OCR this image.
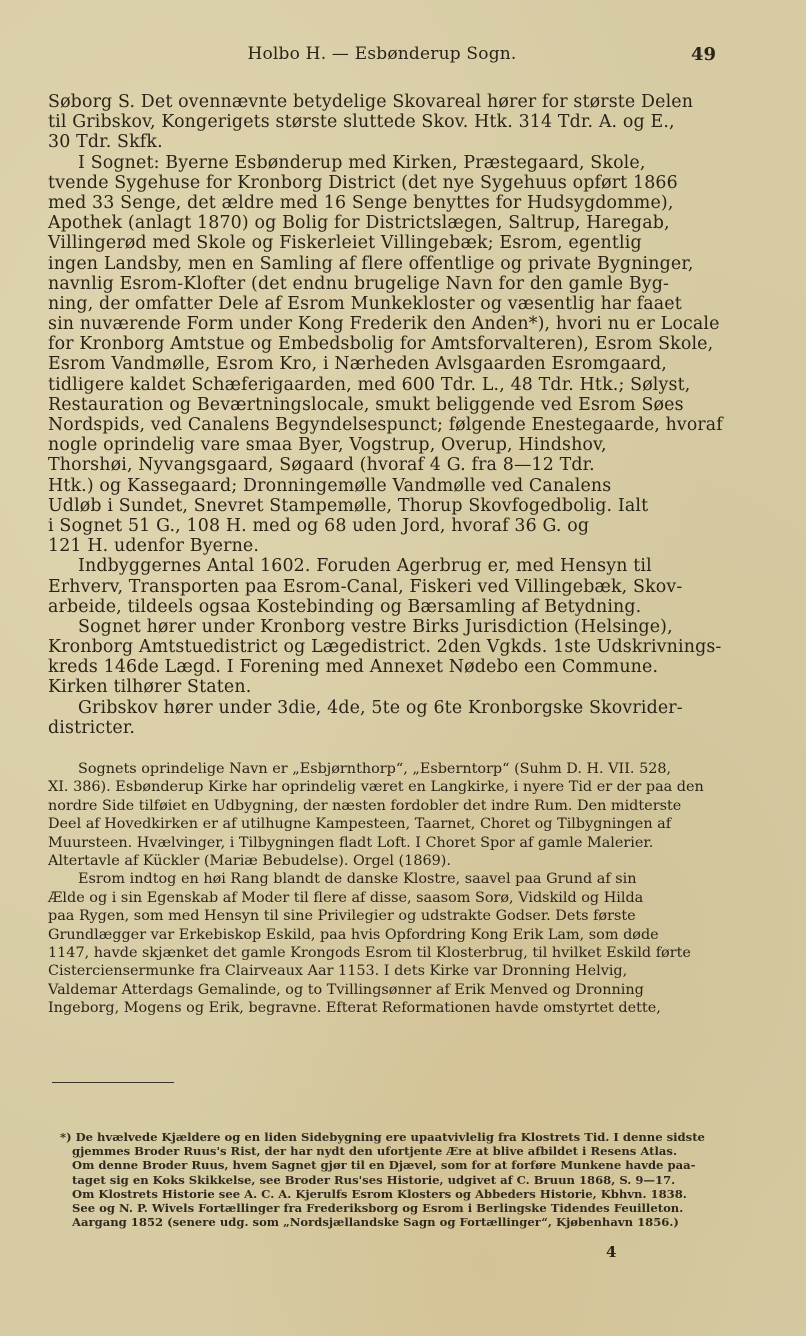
Holbo H. — Esbønderup Sogn.	49
Søborg S. Det ovennævnte betydelige Skovareal hører for største Delen
til Gribskov, Kongerigets største sluttede Skov. Htk. 314 Tdr. A. og E.,
30 Tdr. Skfk.
I Sognet: Byerne Esbønderup med Kirken, Præstegaard, Skole,
tvende Sygehuse for Kronborg District (det nye Sygehuus opført 1866
med 33 Senge, det ældre med 16 Senge benyttes for Hudsygdomme),
Apothek (anlagt 1870) og Bolig for Districtslægen, Saltrup, Haregab,
Villingerød med Skole og Fiskerleiet Villingebæk; Esrom, egentlig
ingen Landsby, men en Samling af flere offentlige og private Bygninger,
navnlig Esrom-Klofter (det endnu brugelige Navn for den gamle Byg-
ning, der omfatter Dele af Esrom Munkekloster og væsentlig har faaet
sin nuværende Form under Kong Frederik den Anden*), hvori nu er Locale
for Kronborg Amtstue og Embedsbolig for Amtsforvalteren), Esrom Skole,
Esrom Vandmølle, Esrom Kro, i Nærheden Avlsgaarden Esromgaard,
tidligere kaldet Schæferigaarden, med 600 Tdr. L., 48 Tdr. Htk.; Sølyst,
Restauration og Beværtningslocale, smukt beliggende ved Esrom Søes
Nordspids, ved Canalens Begyndelsespunct; følgende Enestegaarde, hvoraf
nogle oprindelig vare smaa Byer, Vogstrup, Overup, Hindshov,
Thorshøi, Nyvangsgaard, Søgaard (hvoraf 4 G. fra 8—12 Tdr.
Htk.) og Kassegaard; Dronningemølle Vandmølle ved Canalens
Udløb i Sundet, Snevret Stampemølle, Thorup Skovfogedbolig. Ialt
i Sognet 51 G., 108 H. med og 68 uden Jord, hvoraf 36 G. og
121 H. udenfor Byerne.
Indbyggernes Antal 1602. Foruden Agerbrug er, med Hensyn til
Erhverv, Transporten paa Esrom-Canal, Fiskeri ved Villingebæk, Skov-
arbeide, tildeels ogsaa Kostebinding og Bærsamling af Betydning.
Sognet hører under Kronborg vestre Birks Jurisdiction (Helsinge),
Kronborg Amtstuedistrict og Lægedistrict. 2den Vgkds. 1ste Udskrivnings-
kreds 146de Lægd. I Forening med Annexet Nødebo een Commune.
Kirken tilhører Staten.
Gribskov hører under 3die, 4de, 5te og 6te Kronborgske Skovrider-
districter.
Sognets oprindelige Navn er „Esbjørnthorp“, „Esberntorp“ (Suhm D. H. VII. 528,
XI. 386). Esbønderup Kirke har oprindelig været en Langkirke, i nyere Tid er der paa den
nordre Side tilføiet en Udbygning, der næsten fordobler det indre Rum. Den midterste
Deel af Hovedkirken er af utilhugne Kampesteen, Taarnet, Choret og Tilbygningen af
Muursteen. Hvælvinger, i Tilbygningen fladt Loft. I Choret Spor af gamle Malerier.
Altertavle af Kückler (Mariæ Bebudelse). Orgel (1869).
Esrom indtog en høi Rang blandt de danske Klostre, saavel paa Grund af sin
Ælde og i sin Egenskab af Moder til flere af disse, saasom Sorø, Vidskild og Hilda
paa Rygen, som med Hensyn til sine Privilegier og udstrakte Godser. Dets første
Grundlægger var Erkebiskop Eskild, paa hvis Opfordring Kong Erik Lam, som døde
1147, havde skjænket det gamle Krongods Esrom til Klosterbrug, til hvilket Eskild førte
Cisterciensermunke fra Clairveaux Aar 1153. I dets Kirke var Dronning Helvig,
Valdemar Atterdags Gemalinde, og to Tvillingsønner af Erik Menved og Dronning
Ingeborg, Mogens og Erik, begravne. Efterat Reformationen havde omstyrtet dette,
*) De hvælvede Kjældere og en liden Sidebygning ere upaatvivlelig fra Klostrets Tid. I denne sidste
gjemmes Broder Ruus's Rist, der har nydt den ufortjente Ære at blive afbildet i Resens Atlas.
Om denne Broder Ruus, hvem Sagnet gjør til en Djævel, som for at forføre Munkene havde paa-
taget sig en Koks Skikkelse, see Broder Rus'ses Historie, udgivet af C. Bruun 1868, S. 9—17.
Om Klostrets Historie see A. C. A. Kjerulfs Esrom Klosters og Abbeders Historie, Kbhvn. 1838.
See og N. P. Wivels Fortællinger fra Frederiksborg og Esrom i Berlingske Tidendes Feuilleton.
Aargang 1852 (senere udg. som „Nordsjællandske Sagn og Fortællinger“, Kjøbenhavn 1856.)
4
